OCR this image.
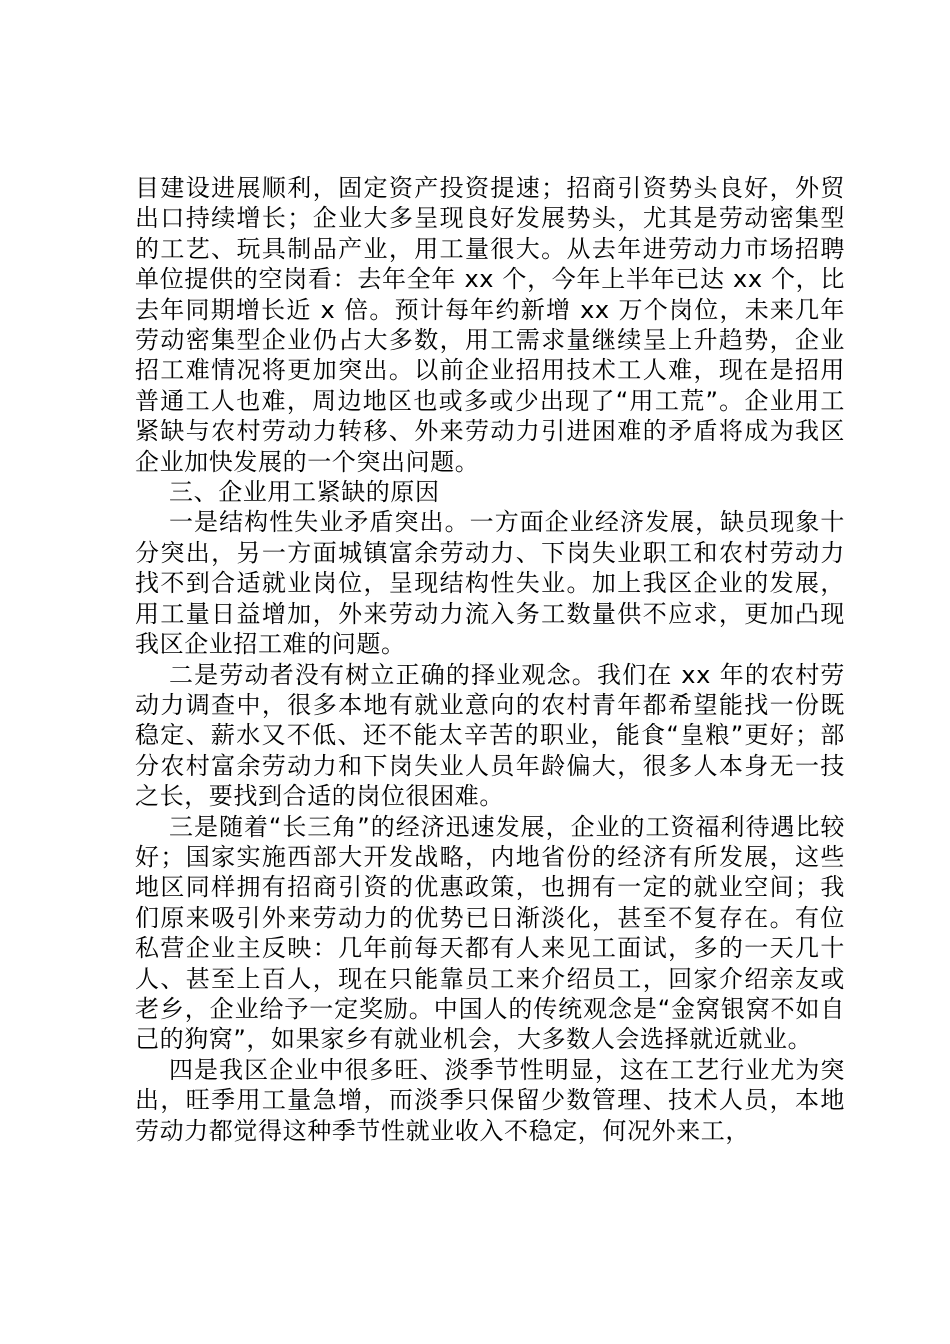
目建设进展顺利，固定资产投资提速；招商引资势头良好，外贸出口持续增长；企业大多呈现良好发展势头，尤其是劳动密集型的工艺、玩具制品产业，用工量很大。从去年进劳动力市场招聘单位提供的空岗看：去年全年 xx 个，今年上半年已达 xx 个，比去年同期增长近 x 倍。预计每年约新增 xx 万个岗位，未来几年劳动密集型企业仍占大多数，用工需求量继续呈上升趋势，企业招工难情况将更加突出。以前企业招用技术工人难，现在是招用普通工人也难，周边地区也或多或少出现了“用工荒”。企业用工紧缺与农村劳动力转移、外来劳动力引进困难的矛盾将成为我区企业加快发展的一个突出问题。

三、企业用工紧缺的原因

一是结构性失业矛盾突出。一方面企业经济发展，缺员现象十分突出，另一方面城镇富余劳动力、下岗失业职工和农村劳动力找不到合适就业岗位，呈现结构性失业。加上我区企业的发展，用工量日益增加，外来劳动力流入务工数量供不应求，更加凸现我区企业招工难的问题。

二是劳动者没有树立正确的择业观念。我们在 xx 年的农村劳动力调查中，很多本地有就业意向的农村青年都希望能找一份既稳定、薪水又不低、还不能太辛苦的职业，能食“皇粮”更好；部分农村富余劳动力和下岗失业人员年龄偏大，很多人本身无一技之长，要找到合适的岗位很困难。

三是随着“长三角”的经济迅速发展，企业的工资福利待遇比较好；国家实施西部大开发战略，内地省份的经济有所发展，这些地区同样拥有招商引资的优惠政策，也拥有一定的就业空间；我们原来吸引外来劳动力的优势已日渐淡化，甚至不复存在。有位私营企业主反映：几年前每天都有人来见工面试，多的一天几十人、甚至上百人，现在只能靠员工来介绍员工，回家介绍亲友或老乡，企业给予一定奖励。中国人的传统观念是“金窝银窝不如自己的狗窝”，如果家乡有就业机会，大多数人会选择就近就业。

四是我区企业中很多旺、淡季节性明显，这在工艺行业尤为突出，旺季用工量急增，而淡季只保留少数管理、技术人员，本地劳动力都觉得这种季节性就业收入不稳定，何况外来工，
